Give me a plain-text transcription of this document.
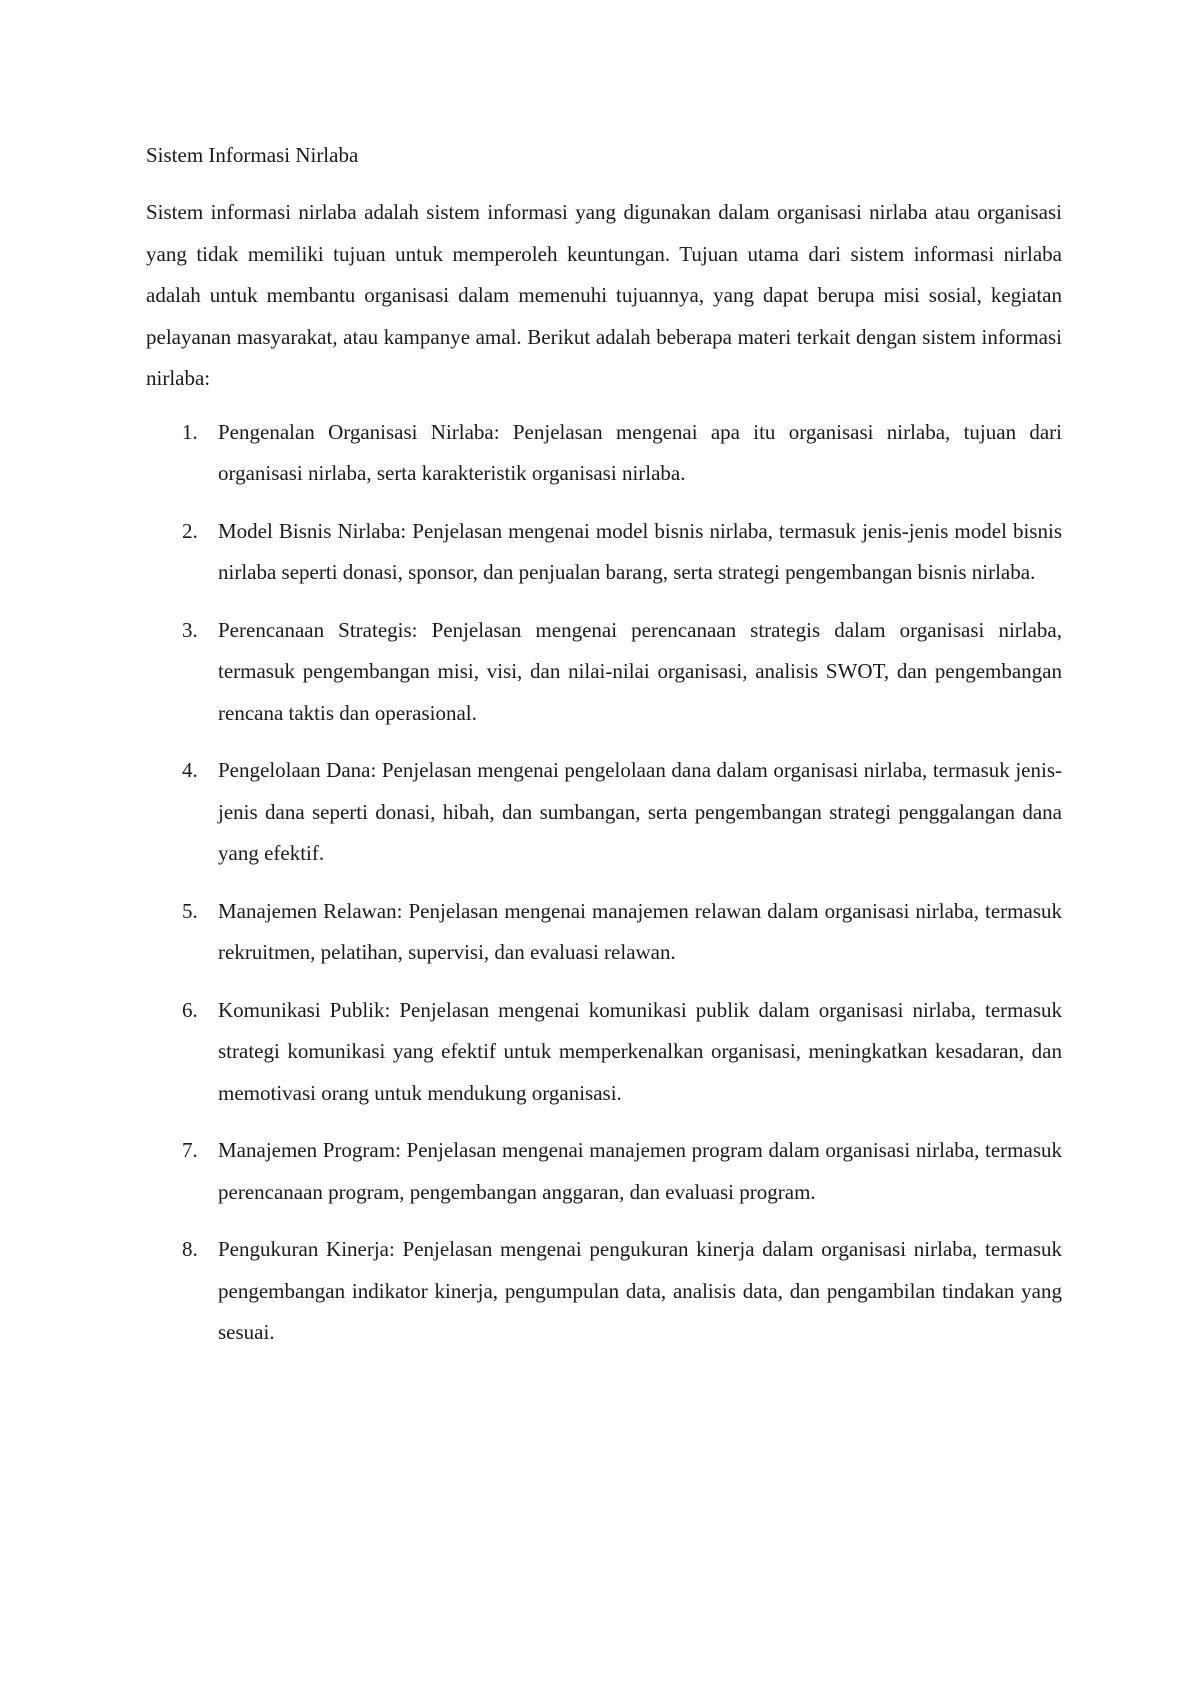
Sistem Informasi Nirlaba

Sistem informasi nirlaba adalah sistem informasi yang digunakan dalam organisasi nirlaba atau organisasi yang tidak memiliki tujuan untuk memperoleh keuntungan. Tujuan utama dari sistem informasi nirlaba adalah untuk membantu organisasi dalam memenuhi tujuannya, yang dapat berupa misi sosial, kegiatan pelayanan masyarakat, atau kampanye amal. Berikut adalah beberapa materi terkait dengan sistem informasi nirlaba:

1. Pengenalan Organisasi Nirlaba: Penjelasan mengenai apa itu organisasi nirlaba, tujuan dari organisasi nirlaba, serta karakteristik organisasi nirlaba.
2. Model Bisnis Nirlaba: Penjelasan mengenai model bisnis nirlaba, termasuk jenis-jenis model bisnis nirlaba seperti donasi, sponsor, dan penjualan barang, serta strategi pengembangan bisnis nirlaba.
3. Perencanaan Strategis: Penjelasan mengenai perencanaan strategis dalam organisasi nirlaba, termasuk pengembangan misi, visi, dan nilai-nilai organisasi, analisis SWOT, dan pengembangan rencana taktis dan operasional.
4. Pengelolaan Dana: Penjelasan mengenai pengelolaan dana dalam organisasi nirlaba, termasuk jenis-jenis dana seperti donasi, hibah, dan sumbangan, serta pengembangan strategi penggalangan dana yang efektif.
5. Manajemen Relawan: Penjelasan mengenai manajemen relawan dalam organisasi nirlaba, termasuk rekruitmen, pelatihan, supervisi, dan evaluasi relawan.
6. Komunikasi Publik: Penjelasan mengenai komunikasi publik dalam organisasi nirlaba, termasuk strategi komunikasi yang efektif untuk memperkenalkan organisasi, meningkatkan kesadaran, dan memotivasi orang untuk mendukung organisasi.
7. Manajemen Program: Penjelasan mengenai manajemen program dalam organisasi nirlaba, termasuk perencanaan program, pengembangan anggaran, dan evaluasi program.
8. Pengukuran Kinerja: Penjelasan mengenai pengukuran kinerja dalam organisasi nirlaba, termasuk pengembangan indikator kinerja, pengumpulan data, analisis data, dan pengambilan tindakan yang sesuai.
